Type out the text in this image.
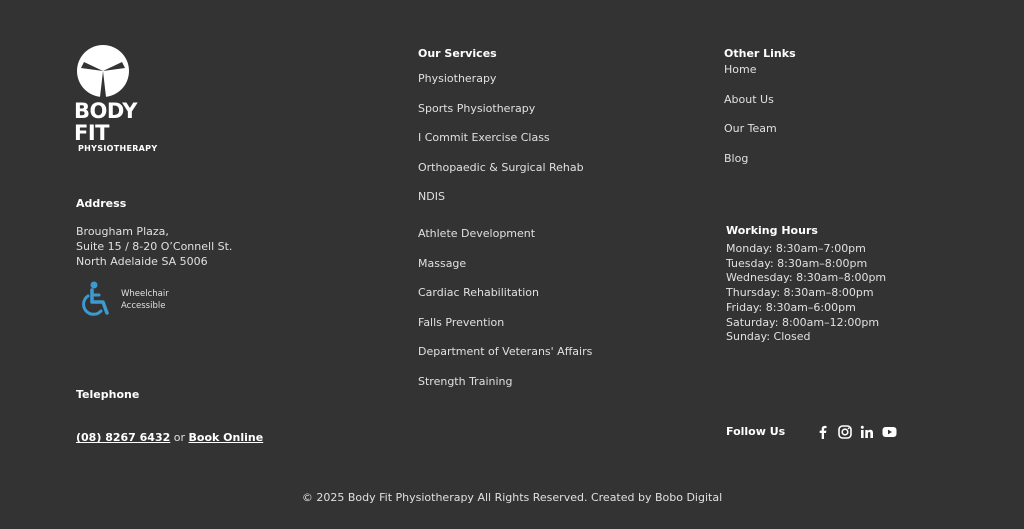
BODY FIT
PHYSIOTHERAPY
Address
Brougham Plaza,
Suite 15 / 8-20 O’Connell St.
North Adelaide SA 5006
Wheelchair
Accessible
Telephone
(08) 8267 6432 or Book Online
Our Services
Physiotherapy
Sports Physiotherapy
I Commit Exercise Class
Orthopaedic & Surgical Rehab
NDIS
Athlete Development
Massage
Cardiac Rehabilitation
Falls Prevention
Department of Veterans' Affairs
Strength Training
Other Links
Home
About Us
Our Team
Blog
Working Hours
Monday: 8:30am–7:00pm
Tuesday: 8:30am–8:00pm
Wednesday: 8:30am–8:00pm
Thursday: 8:30am–8:00pm
Friday: 8:30am–6:00pm
Saturday: 8:00am–12:00pm
Sunday: Closed
Follow Us
© 2025 Body Fit Physiotherapy All Rights Reserved. Created by Bobo Digital
